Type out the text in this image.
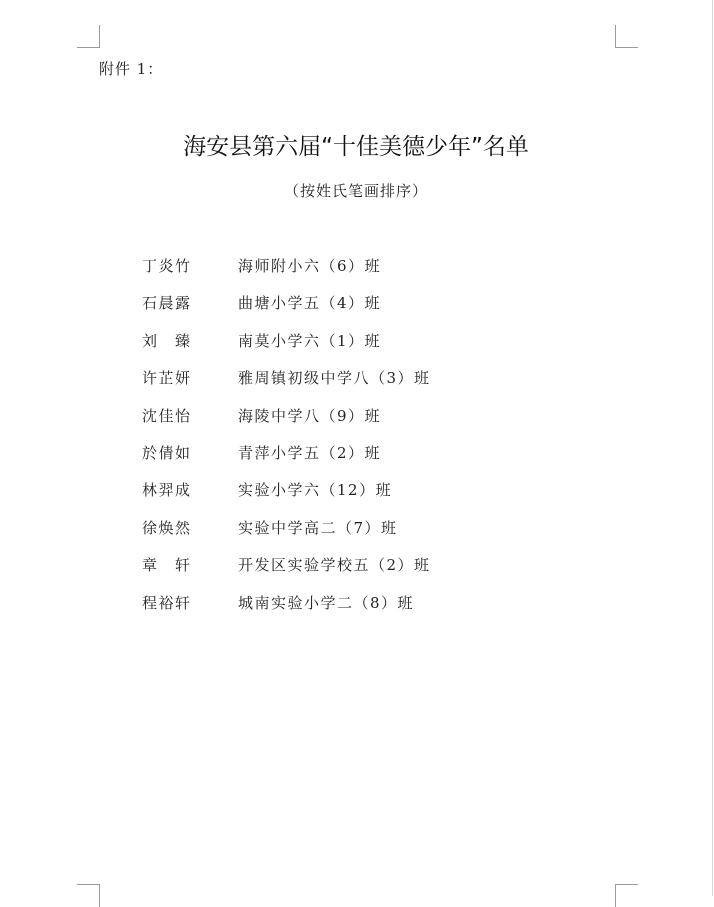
附件 1：
海安县第六届“十佳美德少年”名单
（按姓氏笔画排序）
丁炎竹	海师附小六（6）班
石晨露	曲塘小学五（4）班
刘　臻	南莫小学六（1）班
许芷妍	雅周镇初级中学八（3）班
沈佳怡	海陵中学八（9）班
於倩如	青萍小学五（2）班
林羿成	实验小学六（12）班
徐焕然	实验中学高二（7）班
章　轩	开发区实验学校五（2）班
程裕轩	城南实验小学二（8）班
